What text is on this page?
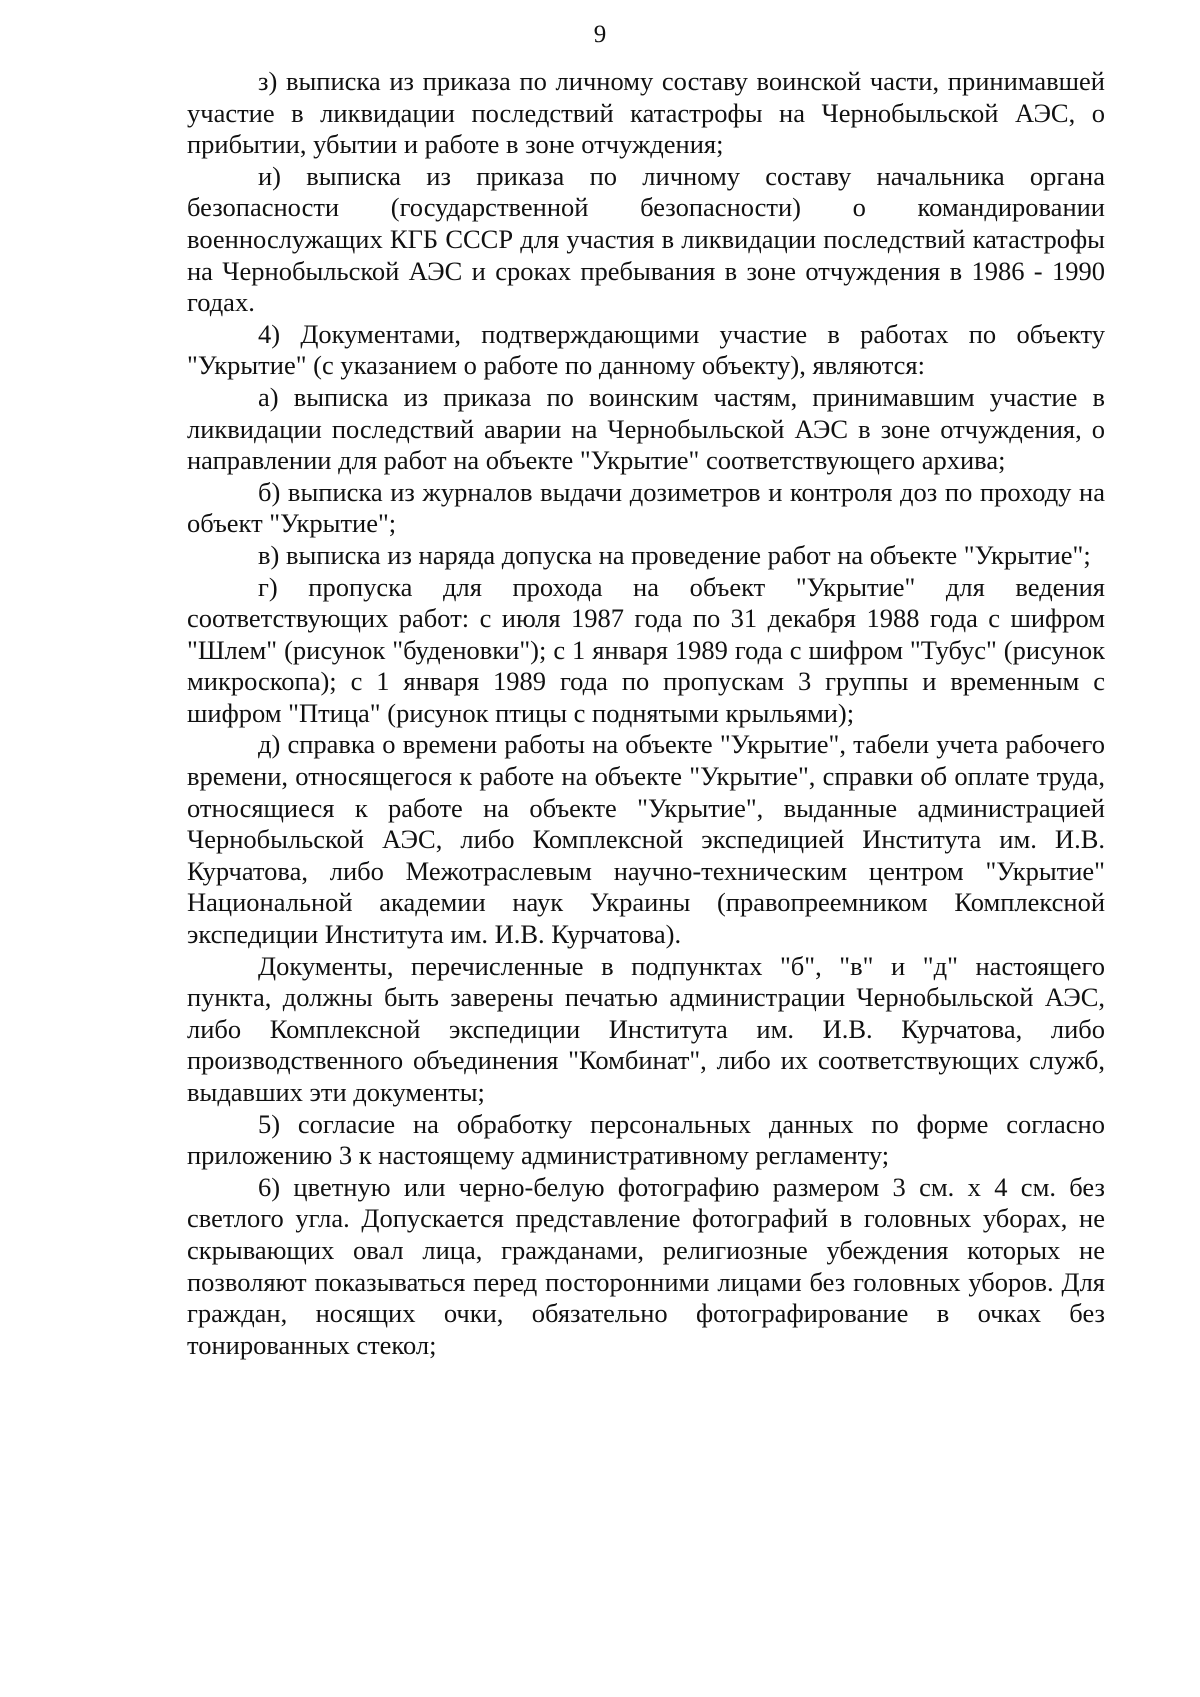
9

з) выписка из приказа по личному составу воинской части, принимавшей участие в ликвидации последствий катастрофы на Чернобыльской АЭС, о прибытии, убытии и работе в зоне отчуждения;

и) выписка из приказа по личному составу начальника органа безопасности (государственной безопасности) о командировании военнослужащих КГБ СССР для участия в ликвидации последствий катастрофы на Чернобыльской АЭС и сроках пребывания в зоне отчуждения в 1986 - 1990 годах.

4) Документами, подтверждающими участие в работах по объекту "Укрытие" (с указанием о работе по данному объекту), являются:

а) выписка из приказа по воинским частям, принимавшим участие в ликвидации последствий аварии на Чернобыльской АЭС в зоне отчуждения, о направлении для работ на объекте "Укрытие" соответствующего архива;

б) выписка из журналов выдачи дозиметров и контроля доз по проходу на объект "Укрытие";

в) выписка из наряда допуска на проведение работ на объекте "Укрытие";

г) пропуска для прохода на объект "Укрытие" для ведения соответствующих работ: с июля 1987 года по 31 декабря 1988 года с шифром "Шлем" (рисунок "буденовки"); с 1 января 1989 года с шифром "Тубус" (рисунок микроскопа); с 1 января 1989 года по пропускам 3 группы и временным с шифром "Птица" (рисунок птицы с поднятыми крыльями);

д) справка о времени работы на объекте "Укрытие", табели учета рабочего времени, относящегося к работе на объекте "Укрытие", справки об оплате труда, относящиеся к работе на объекте "Укрытие", выданные администрацией Чернобыльской АЭС, либо Комплексной экспедицией Института им. И.В. Курчатова, либо Межотраслевым научно-техническим центром "Укрытие" Национальной академии наук Украины (правопреемником Комплексной экспедиции Института им. И.В. Курчатова).

Документы, перечисленные в подпунктах "б", "в" и "д" настоящего пункта, должны быть заверены печатью администрации Чернобыльской АЭС, либо Комплексной экспедиции Института им. И.В. Курчатова, либо производственного объединения "Комбинат", либо их соответствующих служб, выдавших эти документы;

5) согласие на обработку персональных данных по форме согласно приложению 3 к настоящему административному регламенту;

6) цветную или черно-белую фотографию размером 3 см. х 4 см. без светлого угла. Допускается представление фотографий в головных уборах, не скрывающих овал лица, гражданами, религиозные убеждения которых не позволяют показываться перед посторонними лицами без головных уборов. Для граждан, носящих очки, обязательно фотографирование в очках без тонированных стекол;
